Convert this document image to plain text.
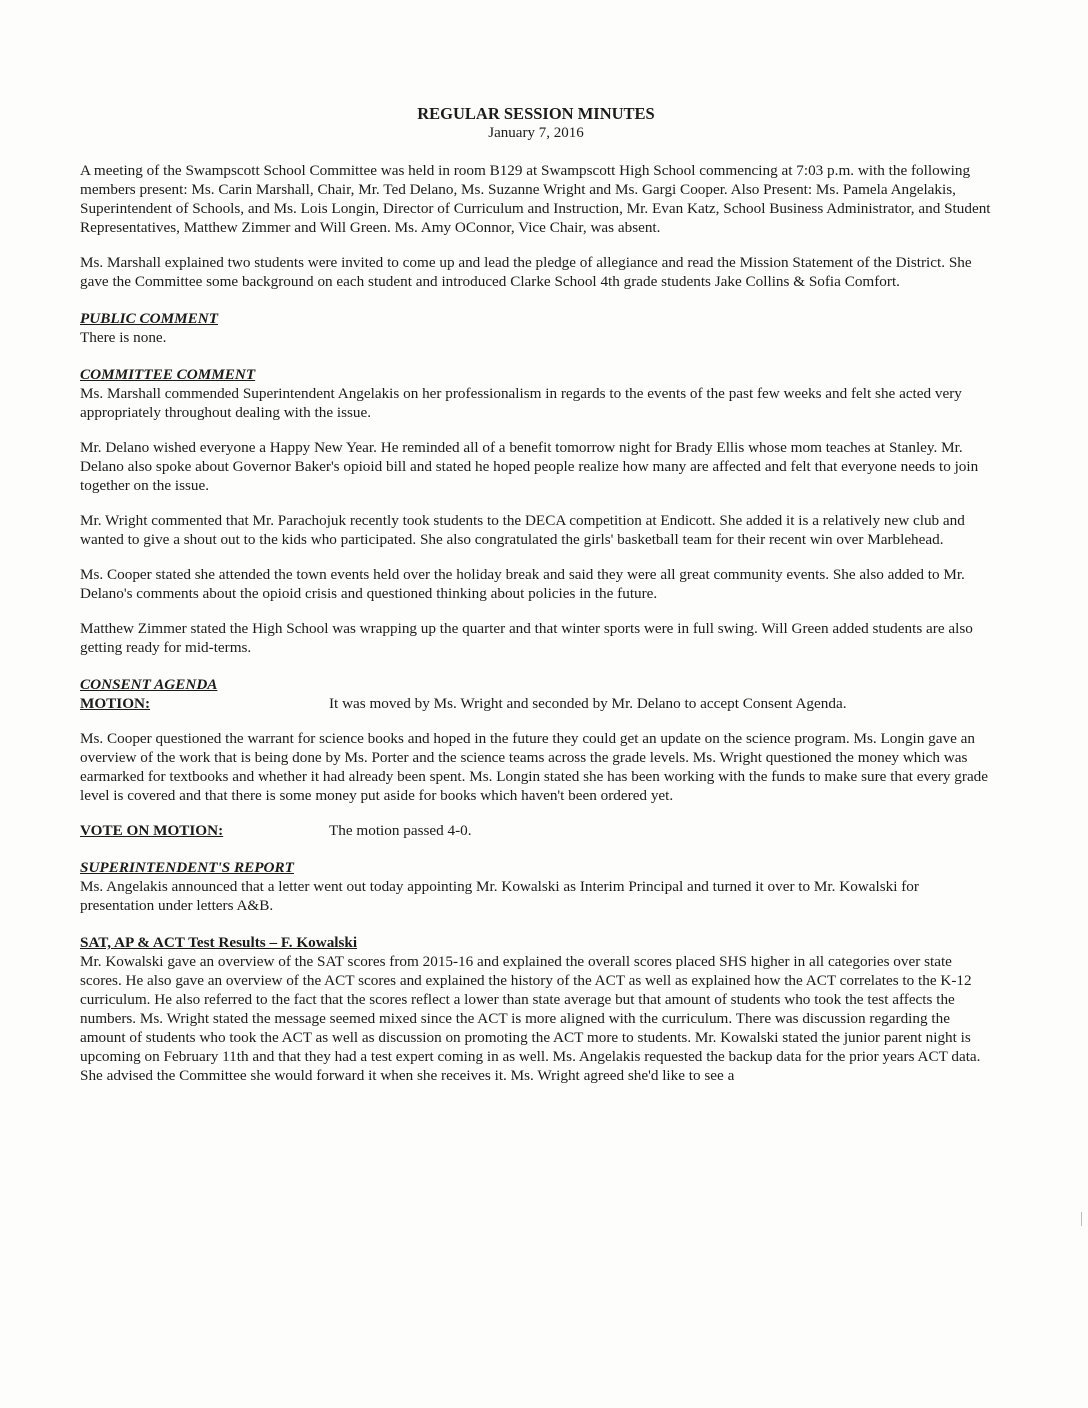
REGULAR SESSION MINUTES
January 7, 2016

A meeting of the Swampscott School Committee was held in room B129 at Swampscott High School commencing at 7:03 p.m. with the following members present: Ms. Carin Marshall, Chair, Mr. Ted Delano, Ms. Suzanne Wright and Ms. Gargi Cooper. Also Present: Ms. Pamela Angelakis, Superintendent of Schools, and Ms. Lois Longin, Director of Curriculum and Instruction, Mr. Evan Katz, School Business Administrator, and Student Representatives, Matthew Zimmer and Will Green. Ms. Amy OConnor, Vice Chair, was absent.

Ms. Marshall explained two students were invited to come up and lead the pledge of allegiance and read the Mission Statement of the District. She gave the Committee some background on each student and introduced Clarke School 4th grade students Jake Collins & Sofia Comfort.

PUBLIC COMMENT

There is none.

COMMITTEE COMMENT

Ms. Marshall commended Superintendent Angelakis on her professionalism in regards to the events of the past few weeks and felt she acted very appropriately throughout dealing with the issue.

Mr. Delano wished everyone a Happy New Year. He reminded all of a benefit tomorrow night for Brady Ellis whose mom teaches at Stanley. Mr. Delano also spoke about Governor Baker's opioid bill and stated he hoped people realize how many are affected and felt that everyone needs to join together on the issue.

Mr. Wright commented that Mr. Parachojuk recently took students to the DECA competition at Endicott. She added it is a relatively new club and wanted to give a shout out to the kids who participated. She also congratulated the girls' basketball team for their recent win over Marblehead.

Ms. Cooper stated she attended the town events held over the holiday break and said they were all great community events. She also added to Mr. Delano's comments about the opioid crisis and questioned thinking about policies in the future.

Matthew Zimmer stated the High School was wrapping up the quarter and that winter sports were in full swing. Will Green added students are also getting ready for mid-terms.

CONSENT AGENDA
MOTION:	It was moved by Ms. Wright and seconded by Mr. Delano to accept Consent Agenda.

Ms. Cooper questioned the warrant for science books and hoped in the future they could get an update on the science program. Ms. Longin gave an overview of the work that is being done by Ms. Porter and the science teams across the grade levels. Ms. Wright questioned the money which was earmarked for textbooks and whether it had already been spent. Ms. Longin stated she has been working with the funds to make sure that every grade level is covered and that there is some money put aside for books which haven't been ordered yet.

VOTE ON MOTION:	The motion passed 4-0.
SUPERINTENDENT'S REPORT

Ms. Angelakis announced that a letter went out today appointing Mr. Kowalski as Interim Principal and turned it over to Mr. Kowalski for presentation under letters A&B.

SAT, AP & ACT Test Results – F. Kowalski

Mr. Kowalski gave an overview of the SAT scores from 2015-16 and explained the overall scores placed SHS higher in all categories over state scores. He also gave an overview of the ACT scores and explained the history of the ACT as well as explained how the ACT correlates to the K-12 curriculum. He also referred to the fact that the scores reflect a lower than state average but that amount of students who took the test affects the numbers. Ms. Wright stated the message seemed mixed since the ACT is more aligned with the curriculum. There was discussion regarding the amount of students who took the ACT as well as discussion on promoting the ACT more to students. Mr. Kowalski stated the junior parent night is upcoming on February 11th and that they had a test expert coming in as well. Ms. Angelakis requested the backup data for the prior years ACT data. She advised the Committee she would forward it when she receives it. Ms. Wright agreed she'd like to see a
